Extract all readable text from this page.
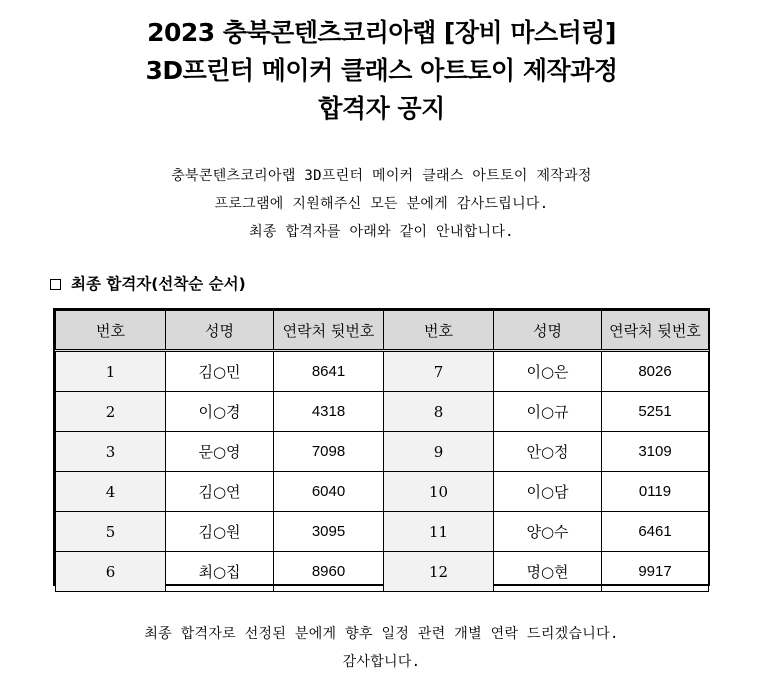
2023 충북콘텐츠코리아랩 [장비 마스터링]
3D프린터 메이커 클래스 아트토이 제작과정
합격자 공지
충북콘텐츠코리아랩 3D프린터 메이커 클래스 아트토이 제작과정
프로그램에 지원해주신 모든 분에게 감사드립니다.
최종 합격자를 아래와 같이 안내합니다.
최종 합격자(선착순 순서)
번호	성명	연락처 뒷번호	번호	성명	연락처 뒷번호
1	김○민	8641	7	이○은	8026
2	이○경	4318	8	이○규	5251
3	문○영	7098	9	안○정	3109
4	김○연	6040	10	이○담	0119
5	김○원	3095	11	양○수	6461
6	최○집	8960	12	명○현	9917
최종 합격자로 선정된 분에게 향후 일정 관련 개별 연락 드리겠습니다.
감사합니다.
